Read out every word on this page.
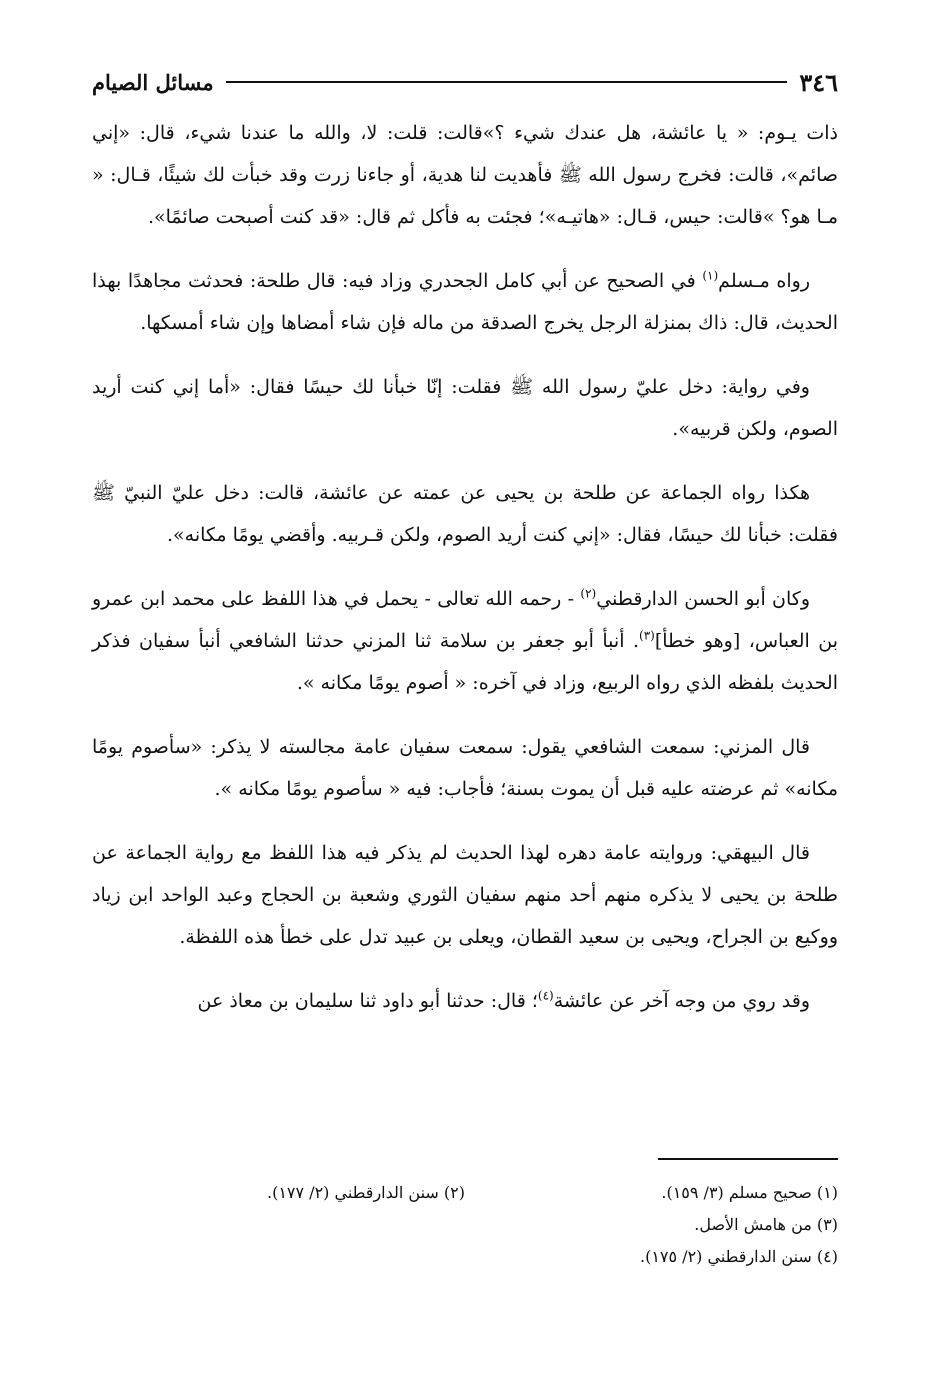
٣٤٦
مسائل الصيام

ذات يـوم: « يا عائشة، هل عندك شيء ؟»قالت: قلت: لا، والله ما عندنا شيء، قال: «إني صائم»، قالت: فخرج رسول الله ﷺ فأهديت لنا هدية، أو جاءنا زرت وقد خبأت لك شيئًا، قـال: « مـا هو؟ »قالت: حيس، قـال: «هاتيـه»؛ فجئت به فأكل ثم قال: «قد كنت أصبحت صائمًا».

رواه مـسلم$^{(١)}$ في الصحيح عن أبي كامل الجحدري وزاد فيه: قال طلحة: فحدثت مجاهدًا بهذا الحديث، قال: ذاك بمنزلة الرجل يخرج الصدقة من ماله فإن شاء أمضاها وإن شاء أمسكها.

وفي رواية: دخل عليّ رسول الله ﷺ فقلت: إنّا خبأنا لك حيسًا فقال: «أما إني كنت أريد الصوم، ولكن قربيه».

هكذا رواه الجماعة عن طلحة بن يحيى عن عمته عن عائشة، قالت: دخل عليّ النبيّ ﷺ فقلت: خبأنا لك حيسًا، فقال: «إني كنت أريد الصوم، ولكن قـربيه. وأقضي يومًا مكانه».

وكان أبو الحسن الدارقطني$^{(٢)}$ - رحمه الله تعالى - يحمل في هذا اللفظ على محمد ابن عمرو بن العباس، [وهو خطأ]$^{(٣)}$. أنبأ أبو جعفر بن سلامة ثنا المزني حدثنا الشافعي أنبأ سفيان فذكر الحديث بلفظه الذي رواه الربيع، وزاد في آخره: « أصوم يومًا مكانه ».

قال المزني: سمعت الشافعي يقول: سمعت سفيان عامة مجالسته لا يذكر: «سأصوم يومًا مكانه» ثم عرضته عليه قبل أن يموت بسنة؛ فأجاب: فيه « سأصوم يومًا مكانه ».

قال البيهقي: وروايته عامة دهره لهذا الحديث لم يذكر فيه هذا اللفظ مع رواية الجماعة عن طلحة بن يحيى لا يذكره منهم أحد منهم سفيان الثوري وشعبة بن الحجاج وعبد الواحد ابن زياد ووكيع بن الجراح، ويحيى بن سعيد القطان، ويعلى بن عبيد تدل على خطأ هذه اللفظة.

وقد روي من وجه آخر عن عائشة$^{(٤)}$؛ قال: حدثنا أبو داود ثنا سليمان بن معاذ عن

(١) صحيح مسلم (٣/ ١٥٩).
(٢) سنن الدارقطني (٢/ ١٧٧).
(٣) من هامش الأصل.
(٤) سنن الدارقطني (٢/ ١٧٥).
